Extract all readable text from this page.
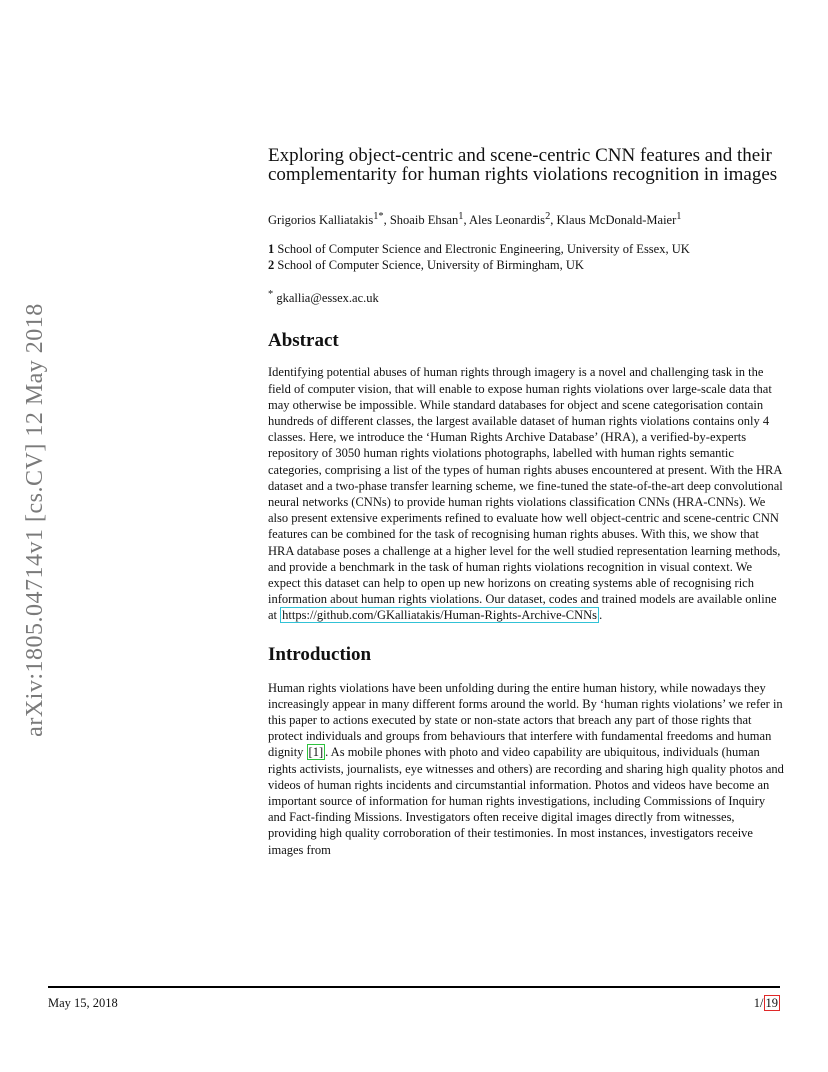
arXiv:1805.04714v1 [cs.CV] 12 May 2018
Exploring object-centric and scene-centric CNN features and their complementarity for human rights violations recognition in images
Grigorios Kalliatakis$^{1*}$, Shoaib Ehsan$^1$, Ales Leonardis$^2$, Klaus McDonald-Maier$^1$
1 School of Computer Science and Electronic Engineering, University of Essex, UK
2 School of Computer Science, University of Birmingham, UK
* gkallia@essex.ac.uk
Abstract
Identifying potential abuses of human rights through imagery is a novel and challenging task in the field of computer vision, that will enable to expose human rights violations over large-scale data that may otherwise be impossible. While standard databases for object and scene categorisation contain hundreds of different classes, the largest available dataset of human rights violations contains only 4 classes. Here, we introduce the ‘Human Rights Archive Database’ (HRA), a verified-by-experts repository of 3050 human rights violations photographs, labelled with human rights semantic categories, comprising a list of the types of human rights abuses encountered at present. With the HRA dataset and a two-phase transfer learning scheme, we fine-tuned the state-of-the-art deep convolutional neural networks (CNNs) to provide human rights violations classification CNNs (HRA-CNNs). We also present extensive experiments refined to evaluate how well object-centric and scene-centric CNN features can be combined for the task of recognising human rights abuses. With this, we show that HRA database poses a challenge at a higher level for the well studied representation learning methods, and provide a benchmark in the task of human rights violations recognition in visual context. We expect this dataset can help to open up new horizons on creating systems able of recognising rich information about human rights violations. Our dataset, codes and trained models are available online at https://github.com/GKalliatakis/Human-Rights-Archive-CNNs .
Introduction
Human rights violations have been unfolding during the entire human history, while nowadays they increasingly appear in many different forms around the world. By ‘human rights violations’ we refer in this paper to actions executed by state or non-state actors that breach any part of those rights that protect individuals and groups from behaviours that interfere with fundamental freedoms and human dignity [1] . As mobile phones with photo and video capability are ubiquitous, individuals (human rights activists, journalists, eye witnesses and others) are recording and sharing high quality photos and videos of human rights incidents and circumstantial information. Photos and videos have become an important source of information for human rights investigations, including Commissions of Inquiry and Fact-finding Missions. Investigators often receive digital images directly from witnesses, providing high quality corroboration of their testimonies. In most instances, investigators receive images from
May 15, 2018	1/ 19
